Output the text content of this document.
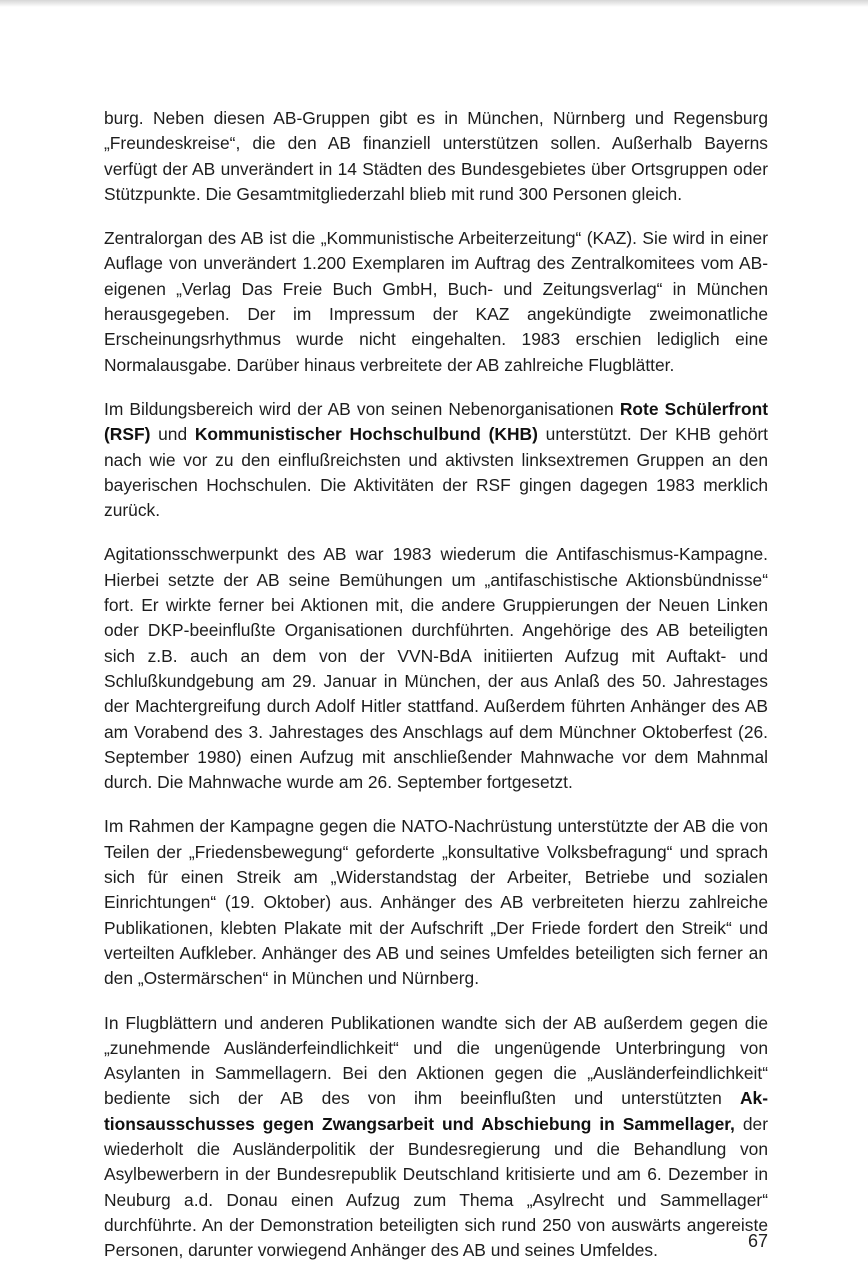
burg. Neben diesen AB-Gruppen gibt es in München, Nürnberg und Regensburg „Freundeskreise“, die den AB finanziell unterstützen sollen. Außerhalb Bayerns verfügt der AB unverändert in 14 Städten des Bundesgebietes über Ortsgruppen oder Stützpunkte. Die Gesamtmitgliederzahl blieb mit rund 300 Personen gleich.

Zentralorgan des AB ist die „Kommunistische Arbeiterzeitung“ (KAZ). Sie wird in einer Auflage von unverändert 1.200 Exemplaren im Auftrag des Zentralkomitees vom AB-eigenen „Verlag Das Freie Buch GmbH, Buch- und Zeitungsverlag“ in München herausgegeben. Der im Impressum der KAZ angekündigte zweimonatliche Erscheinungsrhythmus wurde nicht eingehalten. 1983 erschien lediglich eine Normalausgabe. Darüber hinaus verbreitete der AB zahlreiche Flugblätter.

Im Bildungsbereich wird der AB von seinen Nebenorganisationen Rote Schülerfront (RSF) und Kommunistischer Hochschulbund (KHB) unterstützt. Der KHB gehört nach wie vor zu den einflußreichsten und aktivsten linksextremen Gruppen an den bayerischen Hochschulen. Die Aktivitäten der RSF gingen dagegen 1983 merklich zurück.

Agitationsschwerpunkt des AB war 1983 wiederum die Antifaschismus-Kampagne. Hierbei setzte der AB seine Bemühungen um „antifaschistische Aktionsbündnisse“ fort. Er wirkte ferner bei Aktionen mit, die andere Gruppierungen der Neuen Linken oder DKP-beeinflußte Organisationen durchführten. Angehörige des AB beteiligten sich z.B. auch an dem von der VVN-BdA initiierten Aufzug mit Auftakt- und Schlußkundgebung am 29. Januar in München, der aus Anlaß des 50. Jahrestages der Machtergreifung durch Adolf Hitler stattfand. Außerdem führten Anhänger des AB am Vorabend des 3. Jahrestages des Anschlags auf dem Münchner Oktoberfest (26. September 1980) einen Aufzug mit anschließender Mahnwache vor dem Mahnmal durch. Die Mahnwache wurde am 26. September fortgesetzt.

Im Rahmen der Kampagne gegen die NATO-Nachrüstung unterstützte der AB die von Teilen der „Friedensbewegung“ geforderte „konsultative Volksbefragung“ und sprach sich für einen Streik am „Widerstandstag der Arbeiter, Betriebe und sozialen Einrichtungen“ (19. Oktober) aus. Anhänger des AB verbreiteten hierzu zahlreiche Publikationen, klebten Plakate mit der Aufschrift „Der Friede fordert den Streik“ und verteilten Aufkleber. Anhänger des AB und seines Umfeldes beteiligten sich ferner an den „Ostermärschen“ in München und Nürnberg.

In Flugblättern und anderen Publikationen wandte sich der AB außerdem gegen die „zunehmende Ausländerfeindlichkeit“ und die ungenügende Unterbringung von Asylanten in Sammellagern. Bei den Aktionen gegen die „Ausländerfeindlichkeit“ bediente sich der AB des von ihm beeinflußten und unterstützten Aktionsausschusses gegen Zwangsarbeit und Abschiebung in Sammellager, der wiederholt die Ausländerpolitik der Bundesregierung und die Behandlung von Asylbewerbern in der Bundesrepublik Deutschland kritisierte und am 6. Dezember in Neuburg a.d. Donau einen Aufzug zum Thema „Asylrecht und Sammellager“ durchführte. An der Demonstration beteiligten sich rund 250 von auswärts angereiste Personen, darunter vorwiegend Anhänger des AB und seines Umfeldes.	67
